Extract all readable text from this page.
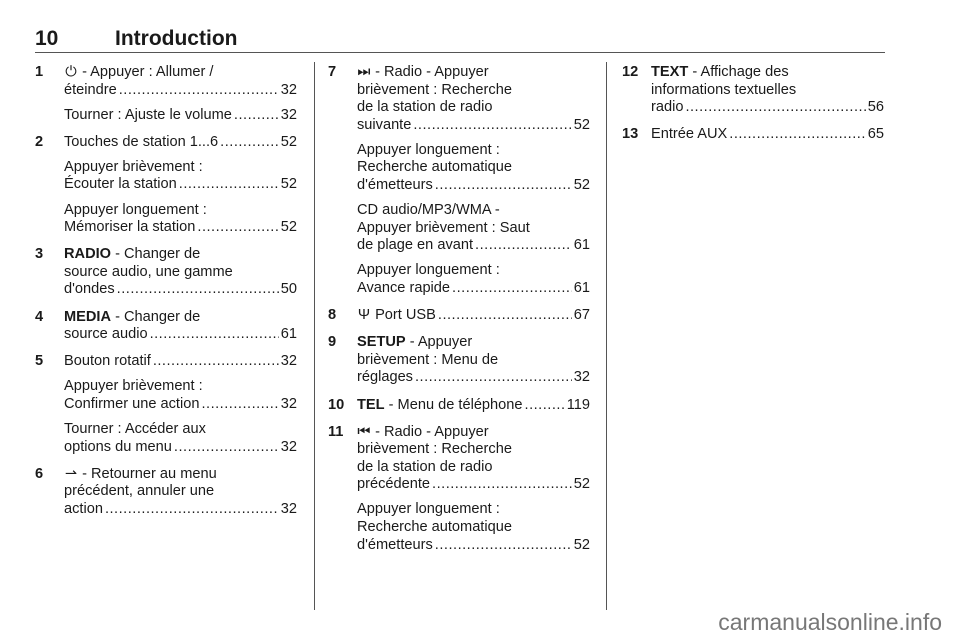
10	Introduction
1 ⏻ - Appuyer : Allumer /
éteindre .....	32
Tourner : Ajuste le volume .....	32
2 Touches de station 1...6 .....	52
Appuyer brièvement :
Écouter la station .....	52
Appuyer longuement :
Mémoriser la station .....	52
3 RADIO - Changer de
source audio, une gamme
d'ondes .....	50
4 MEDIA - Changer de
source audio .....	61
5 Bouton rotatif .....	32
Appuyer brièvement :
Confirmer une action .....	32
Tourner : Accéder aux
options du menu .....	32
6 ⇀ - Retourner au menu
précédent, annuler une
action .....	32
7 ⏭ - Radio - Appuyer
brièvement : Recherche
de la station de radio
suivante .....	52
Appuyer longuement :
Recherche automatique
d'émetteurs .....	52
CD audio/MP3/WMA -
Appuyer brièvement : Saut
de plage en avant .....	61
Appuyer longuement :
Avance rapide .....	61
8 Ψ
Port USB .....	67
9 SETUP - Appuyer
brièvement : Menu de
réglages .....	32
10 TEL - Menu de téléphone .....	119
11 ⏮ - Radio - Appuyer
brièvement : Recherche
de la station de radio
précédente .....	52
Appuyer longuement :
Recherche automatique
d'émetteurs .....	52
12 TEXT - Affichage des
informations textuelles
radio .....	56
13 Entrée AUX .....	65
carmanualsonline.info
